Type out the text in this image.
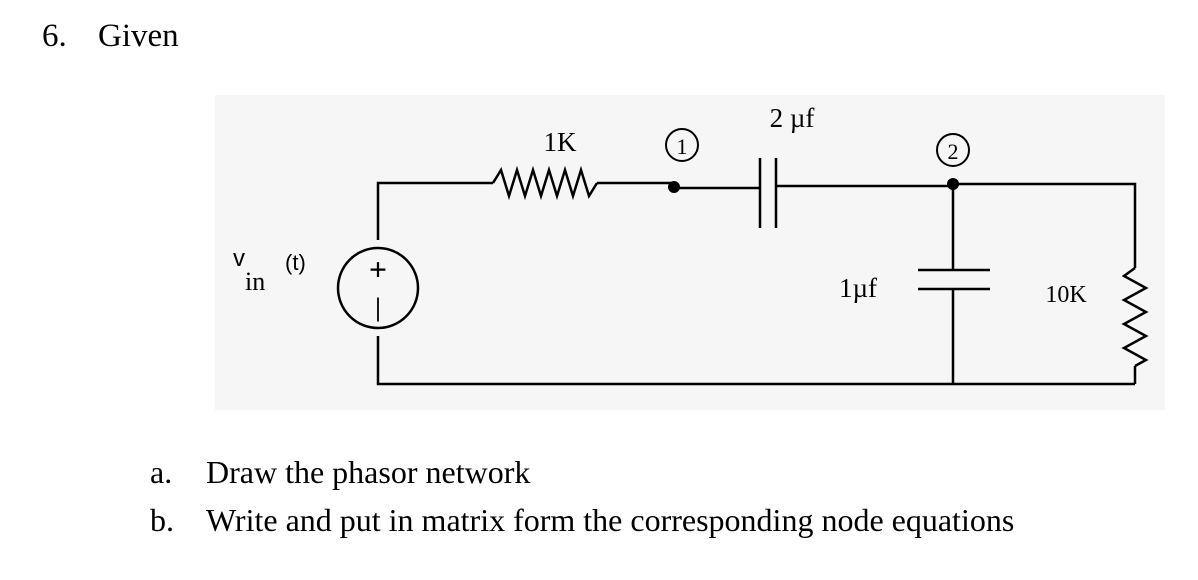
6. Given
+
|
v
in
(t)
1K	1
2 µf
2
1µf	10K
a. Draw the phasor network
b. Write and put in matrix form the corresponding node equations
